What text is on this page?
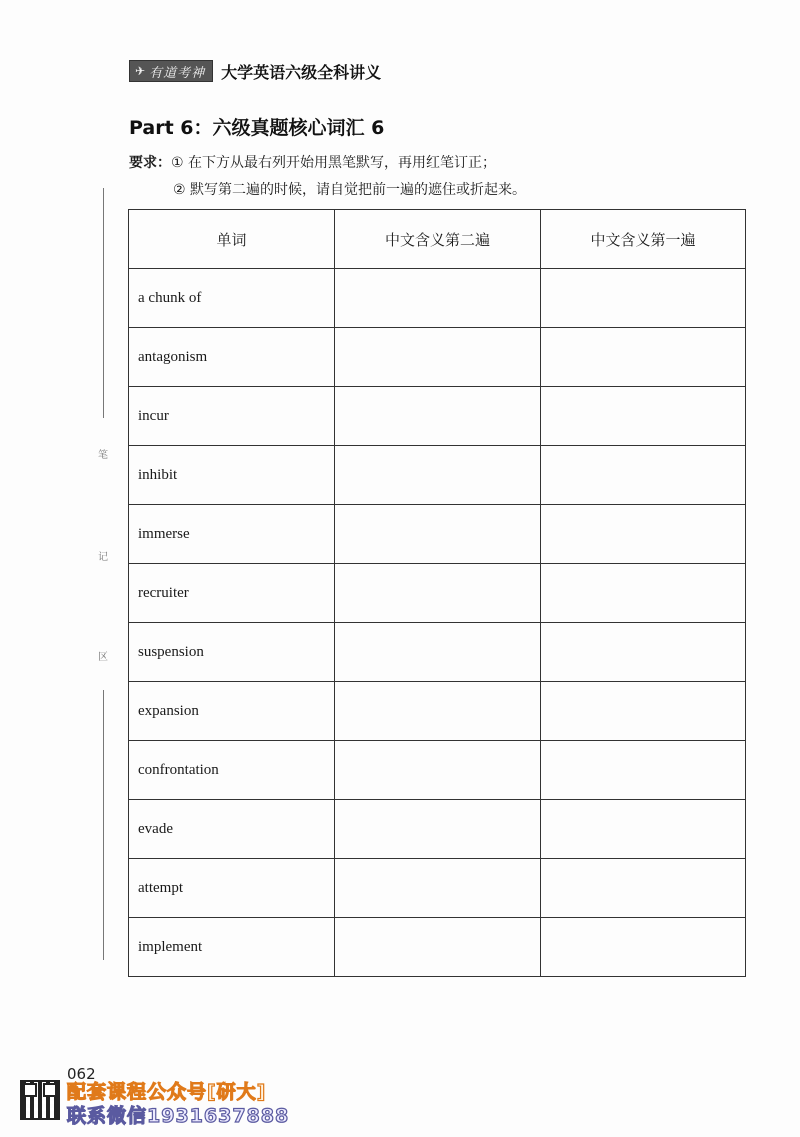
✈ 有道考神 大学英语六级全科讲义
Part 6：六级真题核心词汇 6
要求：① 在下方从最右列开始用黑笔默写，再用红笔订正；
② 默写第二遍的时候，请自觉把前一遍的遮住或折起来。
笔
记
区
单词	中文含义第二遍	中文含义第一遍
a chunk of		
antagonism		
incur		
inhibit		
immerse		
recruiter		
suspension		
expansion		
confrontation		
evade		
attempt		
implement		
062
配套课程公众号[研大]
联系微信1931637888
